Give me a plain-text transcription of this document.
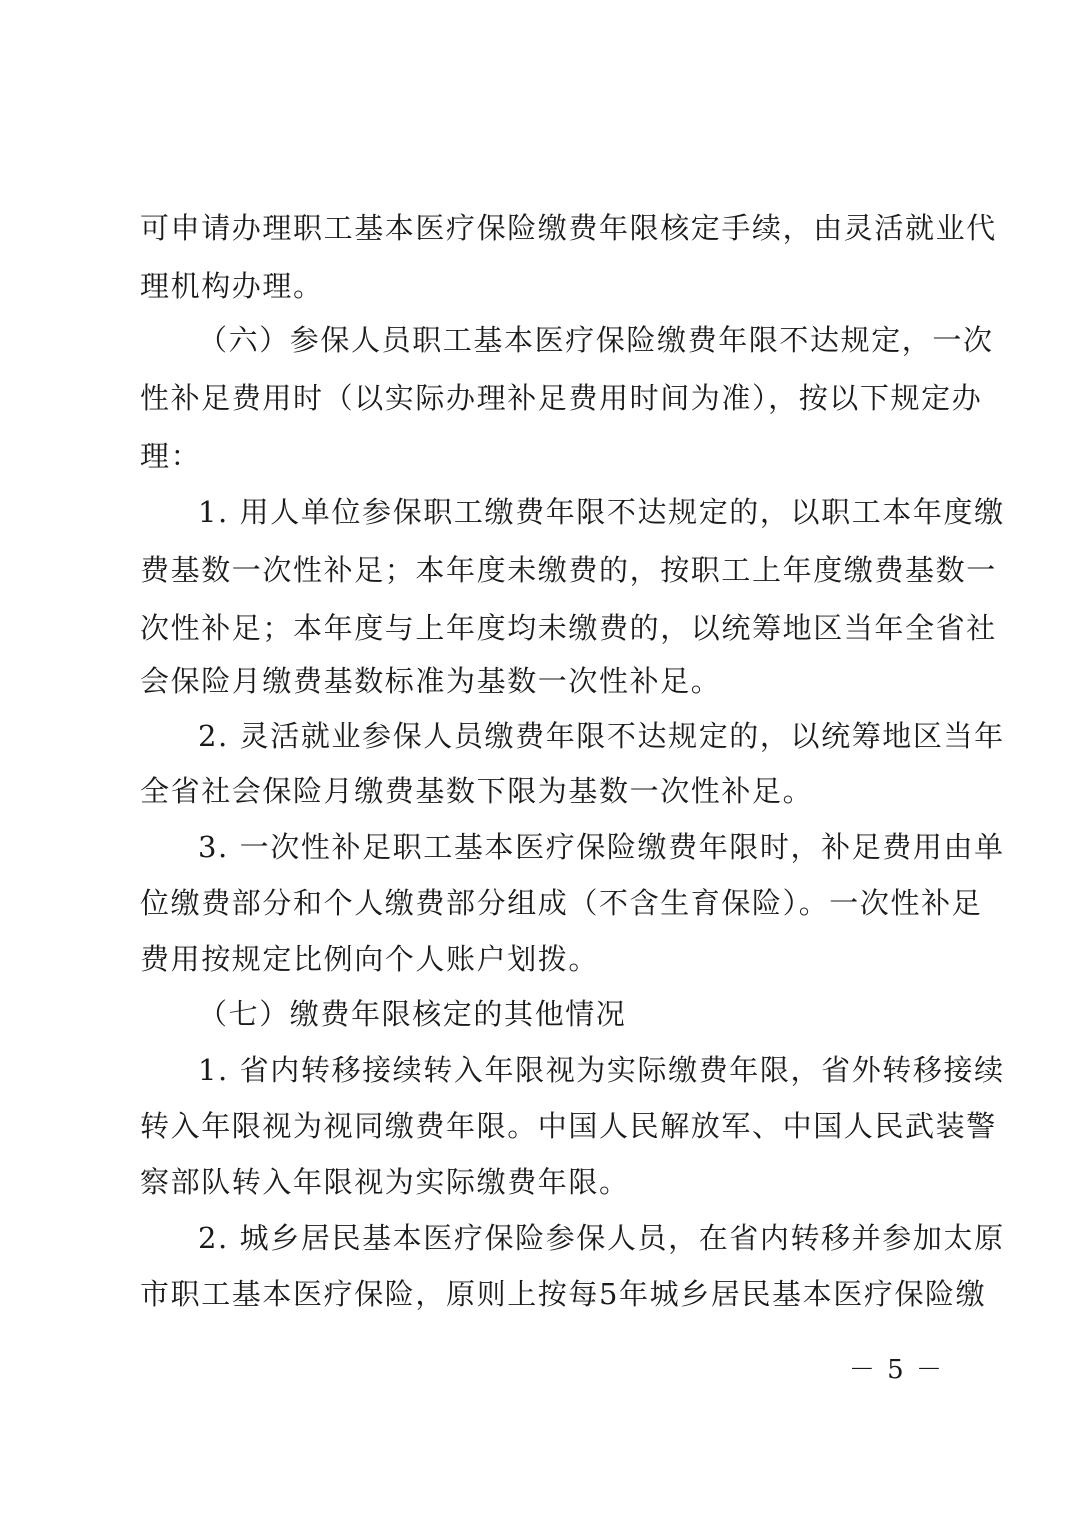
可申请办理职工基本医疗保险缴费年限核定手续，由灵活就业代
理机构办理。
（六）参保人员职工基本医疗保险缴费年限不达规定，一次
性补足费用时（以实际办理补足费用时间为准），按以下规定办
理：
1. 用人单位参保职工缴费年限不达规定的，以职工本年度缴
费基数一次性补足；本年度未缴费的，按职工上年度缴费基数一
次性补足；本年度与上年度均未缴费的，以统筹地区当年全省社
会保险月缴费基数标准为基数一次性补足。
2. 灵活就业参保人员缴费年限不达规定的，以统筹地区当年
全省社会保险月缴费基数下限为基数一次性补足。
3. 一次性补足职工基本医疗保险缴费年限时，补足费用由单
位缴费部分和个人缴费部分组成（不含生育保险）。一次性补足
费用按规定比例向个人账户划拨。
（七）缴费年限核定的其他情况
1. 省内转移接续转入年限视为实际缴费年限，省外转移接续
转入年限视为视同缴费年限。中国人民解放军、中国人民武装警
察部队转入年限视为实际缴费年限。
2. 城乡居民基本医疗保险参保人员，在省内转移并参加太原
市职工基本医疗保险，原则上按每5年城乡居民基本医疗保险缴
－ 5 －
